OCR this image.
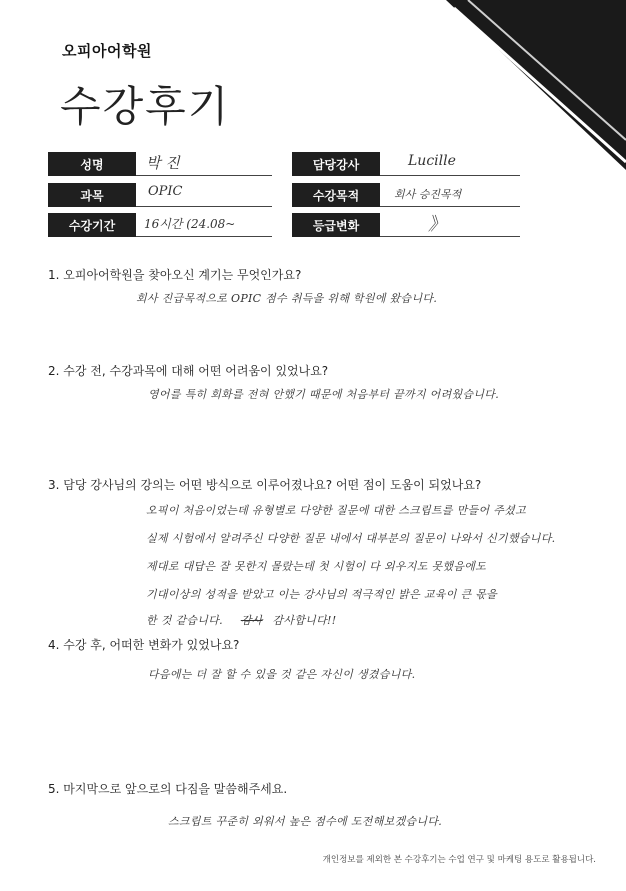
오피아어학원
수강후기
성명	박 진	담당강사	Lucille
과목	OPIC	수강목적	회사 승진목적
수강기간	16시간 (24.08~	등급변화	》
1. 오피아어학원을 찾아오신 계기는 무엇인가요?
회사 진급목적으로 OPIC 점수 취득을 위해 학원에 왔습니다.
2. 수강 전, 수강과목에 대해 어떤 어려움이 있었나요?
영어를 특히 회화를 전혀 안했기 때문에 처음부터 끝까지 어려웠습니다.
3. 담당 강사님의 강의는 어떤 방식으로 이루어졌나요? 어떤 점이 도움이 되었나요?
오픽이 처음이었는데 유형별로 다양한 질문에 대한 스크립트를 만들어 주셨고
실제 시험에서 알려주신 다양한 질문 내에서 대부분의 질문이 나와서 신기했습니다.
제대로 대답은 잘 못한지 몰랐는데 첫 시험이 다 외우지도 못했음에도
기대이상의 성적을 받았고 이는 강사님의 적극적인 밝은 교육이 큰 몫을
한 것 같습니다. 감사 감사합니다!!
4. 수강 후, 어떠한 변화가 있었나요?
다음에는 더 잘 할 수 있을 것 같은 자신이 생겼습니다.
5. 마지막으로 앞으로의 다짐을 말씀해주세요.
스크립트 꾸준히 외워서 높은 점수에 도전해보겠습니다.
개인정보를 제외한 본 수강후기는 수업 연구 및 마케팅 용도로 활용됩니다.
